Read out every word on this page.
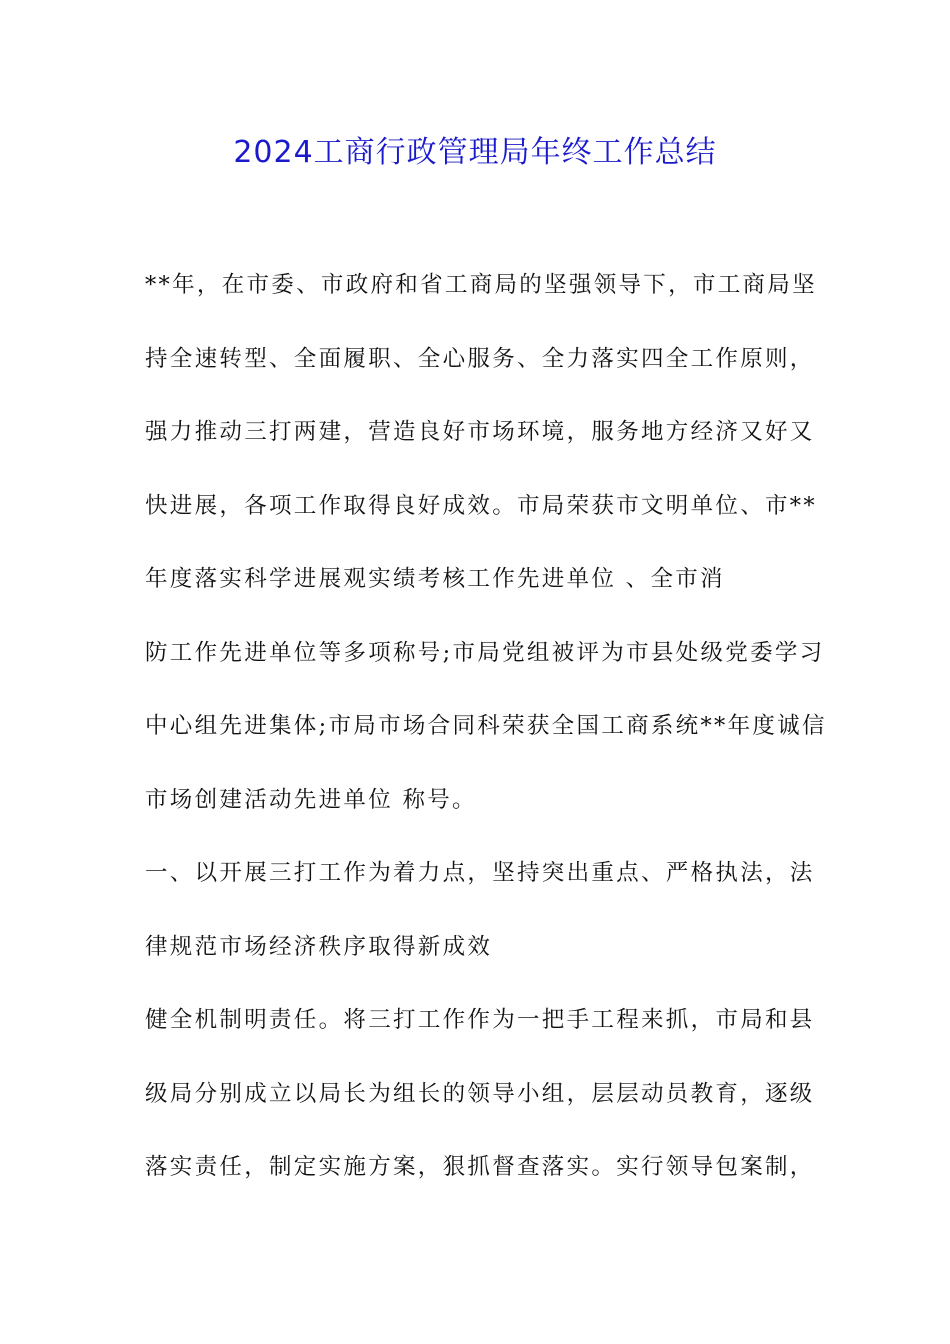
2024工商行政管理局年终工作总结
**年，在市委、市政府和省工商局的坚强领导下，市工商局坚
持全速转型、全面履职、全心服务、全力落实四全工作原则，
强力推动三打两建，营造良好市场环境，服务地方经济又好又
快进展，各项工作取得良好成效。市局荣获市文明单位、市**
年度落实科学进展观实绩考核工作先进单位 、全市消
防工作先进单位等多项称号;市局党组被评为市县处级党委学习
中心组先进集体;市局市场合同科荣获全国工商系统**年度诚信
市场创建活动先进单位 称号。
一、以开展三打工作为着力点，坚持突出重点、严格执法，法
律规范市场经济秩序取得新成效
健全机制明责任。将三打工作作为一把手工程来抓，市局和县
级局分别成立以局长为组长的领导小组，层层动员教育，逐级
落实责任，制定实施方案，狠抓督查落实。实行领导包案制，
